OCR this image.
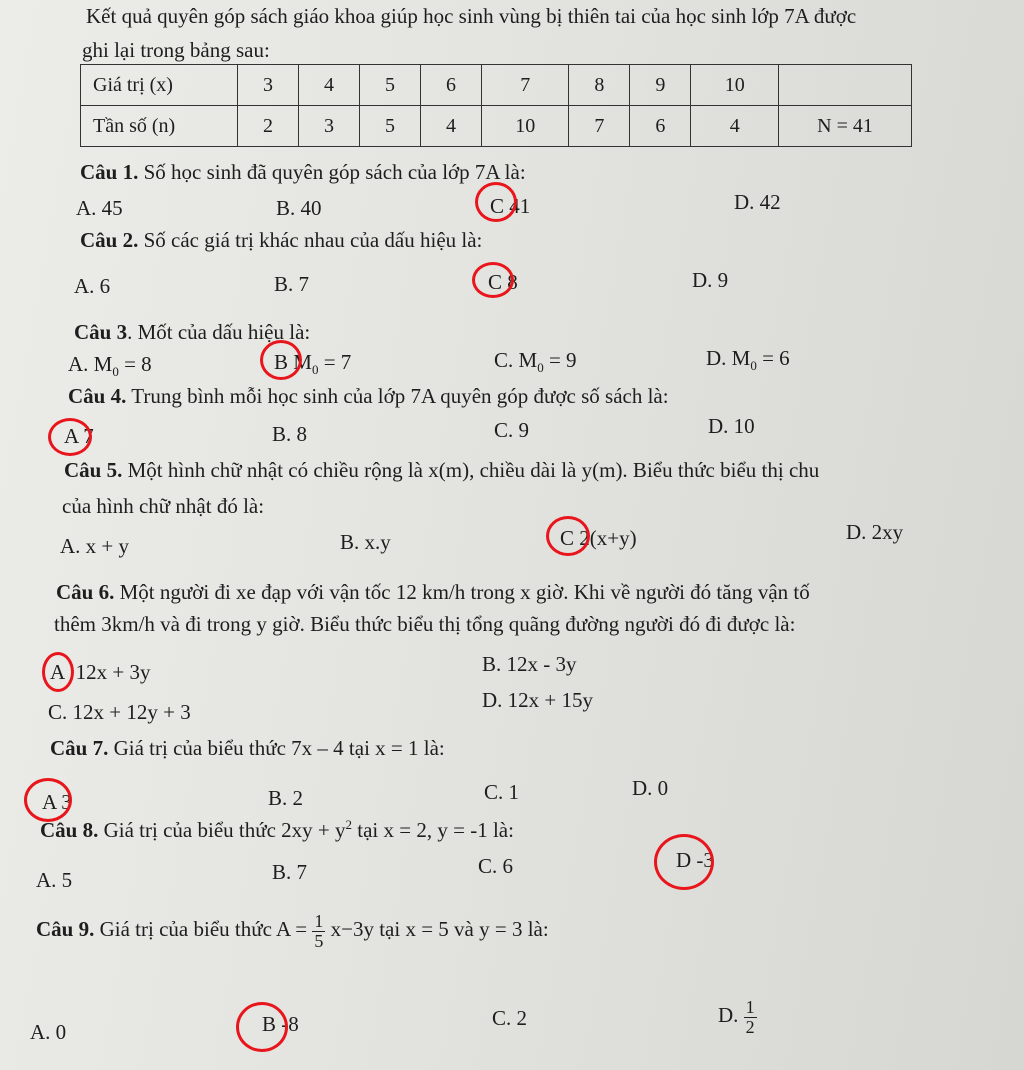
Kết quả quyên góp sách giáo khoa giúp học sinh vùng bị thiên tai của học sinh lớp 7A được
ghi lại trong bảng sau:
Giá trị (x)	3	4	5	6	7	8	9	10	
Tần số (n)	2	3	5	4	10	7	6	4	N = 41
Câu 1. Số học sinh đã quyên góp sách của lớp 7A là:
A. 45	B. 40	C 41	D. 42
Câu 2. Số các giá trị khác nhau của dấu hiệu là:
A. 6	B. 7	C 8	D. 9
Câu 3. Mốt của dấu hiệu là:
A. $M_0 = 8$	B $M_0 = 7$	C. $M_0 = 9$	D. $M_0 = 6$
Câu 4. Trung bình mỗi học sinh của lớp 7A quyên góp được số sách là:
A 7	B. 8	C. 9	D. 10
Câu 5. Một hình chữ nhật có chiều rộng là x(m), chiều dài là y(m). Biểu thức biểu thị chu
của hình chữ nhật đó là:
A. x + y	B. x.y	C 2(x+y)	D. 2xy
Câu 6. Một người đi xe đạp với vận tốc 12 km/h trong x giờ. Khi về người đó tăng vận tố
thêm 3km/h và đi trong y giờ. Biểu thức biểu thị tổng quãng đường người đó đi được là:
A 12x + 3y	B. 12x - 3y
C. 12x + 12y + 3	D. 12x + 15y
Câu 7. Giá trị của biểu thức 7x – 4 tại x = 1 là:
A 3	B. 2	C. 1	D. 0
Câu 8. Giá trị của biểu thức $2xy + y^2$ tại x = 2, y = -1 là:
A. 5	B. 7	C. 6	D -3
Câu 9. Giá trị của biểu thức $A = \frac{1}{5} x-3y$ tại x = 5 và y = 3 là:
A. 0	B -8	C. 2	D. $\frac{1}{2}$
